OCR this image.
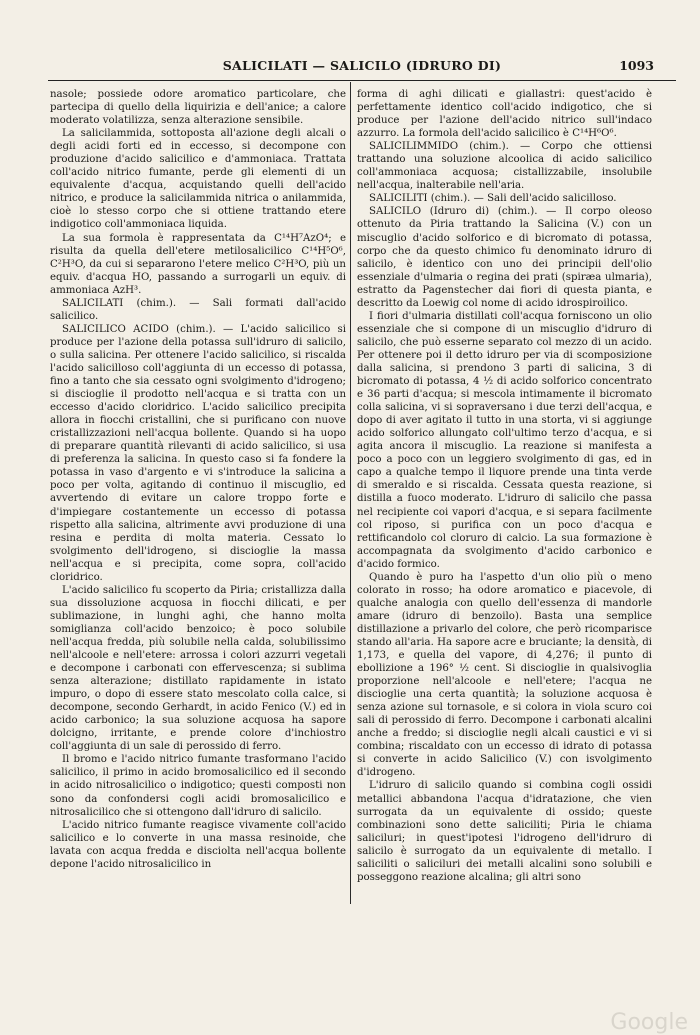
SALICILATI — SALICILO (IDRURO DI)	1093

nasole; possiede odore aromatico particolare, che partecipa di quello della liquirizia e dell'anice; a calore moderato volatilizza, senza alterazione sensibile.

La salicilammida, sottoposta all'azione degli alcali o degli acidi forti ed in eccesso, si decompone con produzione d'acido salicilico e d'ammoniaca. Trattata coll'acido nitrico fumante, perde gli elementi di un equivalente d'acqua, acquistando quelli dell'acido nitrico, e produce la salicilammida nitrica o anilammida, cioè lo stesso corpo che si ottiene trattando etere indigotico coll'ammoniaca liquida.

La sua formola è rappresentata da C¹⁴H⁷AzO⁴; e risulta da quella dell'etere metilosalicilico C¹⁴H⁵O⁶, C²H³O, da cui si separarono l'etere melico C²H³O, più un equiv. d'acqua HO, passando a surrogarli un equiv. di ammoniaca AzH³.

SALICILATI (chim.). — Sali formati dall'acido salicilico.

SALICILICO ACIDO (chim.). — L'acido salicilico si produce per l'azione della potassa sull'idruro di salicilo, o sulla salicina. Per ottenere l'acido salicilico, si riscalda l'acido salicilloso coll'aggiunta di un eccesso di potassa, fino a tanto che sia cessato ogni svolgimento d'idrogeno; si discioglie il prodotto nell'acqua e si tratta con un eccesso d'acido cloridrico. L'acido salicilico precipita allora in fiocchi cristallini, che si purificano con nuove cristallizzazioni nell'acqua bollente. Quando si ha uopo di preparare quantità rilevanti di acido salicilico, si usa di preferenza la salicina. In questo caso si fa fondere la potassa in vaso d'argento e vi s'introduce la salicina a poco per volta, agitando di continuo il miscuglio, ed avvertendo di evitare un calore troppo forte e d'impiegare costantemente un eccesso di potassa rispetto alla salicina, altrimente avvi produzione di una resina e perdita di molta materia. Cessato lo svolgimento dell'idrogeno, si discioglie la massa nell'acqua e si precipita, come sopra, coll'acido cloridrico.

L'acido salicilico fu scoperto da Piria; cristallizza dalla sua dissoluzione acquosa in fiocchi dilicati, e per sublimazione, in lunghi aghi, che hanno molta somiglianza coll'acido benzoico; è poco solubile nell'acqua fredda, più solubile nella calda, solubilissimo nell'alcoole e nell'etere: arrossa i colori azzurri vegetali e decompone i carbonati con effervescenza; si sublima senza alterazione; distillato rapidamente in istato impuro, o dopo di essere stato mescolato colla calce, si decompone, secondo Gerhardt, in acido Fenico (V.) ed in acido carbonico; la sua soluzione acquosa ha sapore dolcigno, irritante, e prende colore d'inchiostro coll'aggiunta di un sale di perossido di ferro.

Il bromo e l'acido nitrico fumante trasformano l'acido salicilico, il primo in acido bromosalicilico ed il secondo in acido nitrosalicilico o indigotico; questi composti non sono da confondersi cogli acidi bromosalicilico e nitrosalicilico che si ottengono dall'idruro di salicilo.

L'acido nitrico fumante reagisce vivamente coll'acido salicilico e lo converte in una massa resinoide, che lavata con acqua fredda e disciolta nell'acqua bollente depone l'acido nitrosalicilico in

forma di aghi dilicati e giallastri: quest'acido è perfettamente identico coll'acido indigotico, che si produce per l'azione dell'acido nitrico sull'indaco azzurro. La formola dell'acido salicilico è C¹⁴H⁶O⁶.

SALICILIMMIDO (chim.). — Corpo che ottiensi trattando una soluzione alcoolica di acido salicilico coll'ammoniaca acquosa; cistallizzabile, insolubile nell'acqua, inalterabile nell'aria.

SALICILITI (chim.). — Sali dell'acido salicilloso.

SALICILO (Idruro di) (chim.). — Il corpo oleoso ottenuto da Piria trattando la Salicina (V.) con un miscuglio d'acido solforico e di bicromato di potassa, corpo che da questo chimico fu denominato idruro di salicilo, è identico con uno dei principii dell'olio essenziale d'ulmaria o regina dei prati (spiræa ulmaria), estratto da Pagenstecher dai fiori di questa pianta, e descritto da Loewig col nome di acido idrospiroilico.

I fiori d'ulmaria distillati coll'acqua forniscono un olio essenziale che si compone di un miscuglio d'idruro di salicilo, che può esserne separato col mezzo di un acido. Per ottenere poi il detto idruro per via di scomposizione dalla salicina, si prendono 3 parti di salicina, 3 di bicromato di potassa, 4 ½ di acido solforico concentrato e 36 parti d'acqua; si mescola intimamente il bicromato colla salicina, vi si sopraversano i due terzi dell'acqua, e dopo di aver agitato il tutto in una storta, vi si aggiunge acido solforico allungato coll'ultimo terzo d'acqua, e si agita ancora il miscuglio. La reazione si manifesta a poco a poco con un leggiero svolgimento di gas, ed in capo a qualche tempo il liquore prende una tinta verde di smeraldo e si riscalda. Cessata questa reazione, si distilla a fuoco moderato. L'idruro di salicilo che passa nel recipiente coi vapori d'acqua, e si separa facilmente col riposo, si purifica con un poco d'acqua e rettificandolo col cloruro di calcio. La sua formazione è accompagnata da svolgimento d'acido carbonico e d'acido formico.

Quando è puro ha l'aspetto d'un olio più o meno colorato in rosso; ha odore aromatico e piacevole, di qualche analogia con quello dell'essenza di mandorle amare (idruro di benzoilo). Basta una semplice distillazione a privarlo del colore, che però ricomparisce stando all'aria. Ha sapore acre e bruciante; la densità, di 1,173, e quella del vapore, di 4,276; il punto di ebollizione a 196° ½ cent. Si discioglie in qualsivoglia proporzione nell'alcoole e nell'etere; l'acqua ne discioglie una certa quantità; la soluzione acquosa è senza azione sul tornasole, e si colora in viola scuro coi sali di perossido di ferro. Decompone i carbonati alcalini anche a freddo; si discioglie negli alcali caustici e vi si combina; riscaldato con un eccesso di idrato di potassa si converte in acido Salicilico (V.) con isvolgimento d'idrogeno.

L'idruro di salicilo quando si combina cogli ossidi metallici abbandona l'acqua d'idratazione, che vien surrogata da un equivalente di ossido; queste combinazioni sono dette saliciliti; Piria le chiama saliciluri; in quest'ipotesi l'idrogeno dell'idruro di salicilo è surrogato da un equivalente di metallo. I saliciliti o saliciluri dei metalli alcalini sono solubili e posseggono reazione alcalina; gli altri sono

Google
